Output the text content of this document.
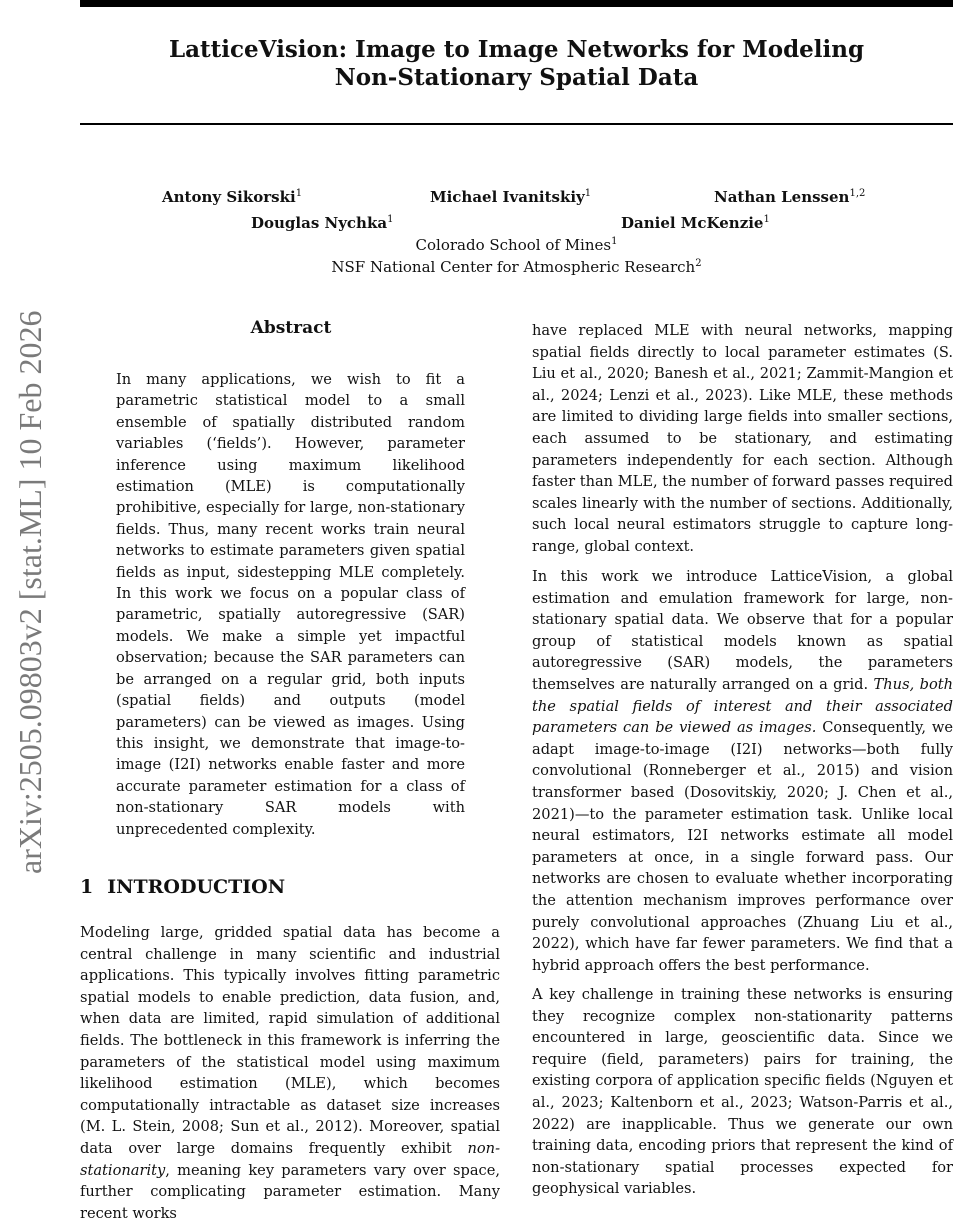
LatticeVision: Image to Image Networks for Modeling
Non-Stationary Spatial Data
arXiv:2505.09803v2 [stat.ML] 10 Feb 2026
Antony Sikorski$^1$	Michael Ivanitskiy$^1$	Nathan Lenssen$^{1,2}$
Douglas Nychka$^1$	Daniel McKenzie$^1$
Colorado School of Mines$^1$
NSF National Center for Atmospheric Research$^2$
Abstract
In many applications, we wish to fit a parametric statistical model to a small ensemble of spatially distributed random variables (‘fields’). However, parameter inference using maximum likelihood estimation (MLE) is computationally prohibitive, especially for large, non-stationary fields. Thus, many recent works train neural networks to estimate parameters given spatial fields as input, sidestepping MLE completely. In this work we focus on a popular class of parametric, spatially autoregressive (SAR) models. We make a simple yet impactful observation; because the SAR parameters can be arranged on a regular grid, both inputs (spatial fields) and outputs (model parameters) can be viewed as images. Using this insight, we demonstrate that image-to-image (I2I) networks enable faster and more accurate parameter estimation for a class of non-stationary SAR models with unprecedented complexity.
1 INTRODUCTION
Modeling large, gridded spatial data has become a central challenge in many scientific and industrial applications. This typically involves fitting parametric spatial models to enable prediction, data fusion, and, when data are limited, rapid simulation of additional fields. The bottleneck in this framework is inferring the parameters of the statistical model using maximum likelihood estimation (MLE), which becomes computationally intractable as dataset size increases (M. L. Stein, 2008; Sun et al., 2012). Moreover, spatial data over large domains frequently exhibit non-stationarity, meaning key parameters vary over space, further complicating parameter estimation. Many recent works
have replaced MLE with neural networks, mapping spatial fields directly to local parameter estimates (S. Liu et al., 2020; Banesh et al., 2021; Zammit-Mangion et al., 2024; Lenzi et al., 2023). Like MLE, these methods are limited to dividing large fields into smaller sections, each assumed to be stationary, and estimating parameters independently for each section. Although faster than MLE, the number of forward passes required scales linearly with the number of sections. Additionally, such local neural estimators struggle to capture long-range, global context.
In this work we introduce LatticeVision, a global estimation and emulation framework for large, non-stationary spatial data. We observe that for a popular group of statistical models known as spatial autoregressive (SAR) models, the parameters themselves are naturally arranged on a grid. Thus, both the spatial fields of interest and their associated parameters can be viewed as images. Consequently, we adapt image-to-image (I2I) networks—both fully convolutional (Ronneberger et al., 2015) and vision transformer based (Dosovitskiy, 2020; J. Chen et al., 2021)—to the parameter estimation task. Unlike local neural estimators, I2I networks estimate all model parameters at once, in a single forward pass. Our networks are chosen to evaluate whether incorporating the attention mechanism improves performance over purely convolutional approaches (Zhuang Liu et al., 2022), which have far fewer parameters. We find that a hybrid approach offers the best performance.
A key challenge in training these networks is ensuring they recognize complex non-stationarity patterns encountered in large, geoscientific data. Since we require (field, parameters) pairs for training, the existing corpora of application specific fields (Nguyen et al., 2023; Kaltenborn et al., 2023; Watson-Parris et al., 2022) are inapplicable. Thus we generate our own training data, encoding priors that represent the kind of non-stationary spatial processes expected for geophysical variables.
